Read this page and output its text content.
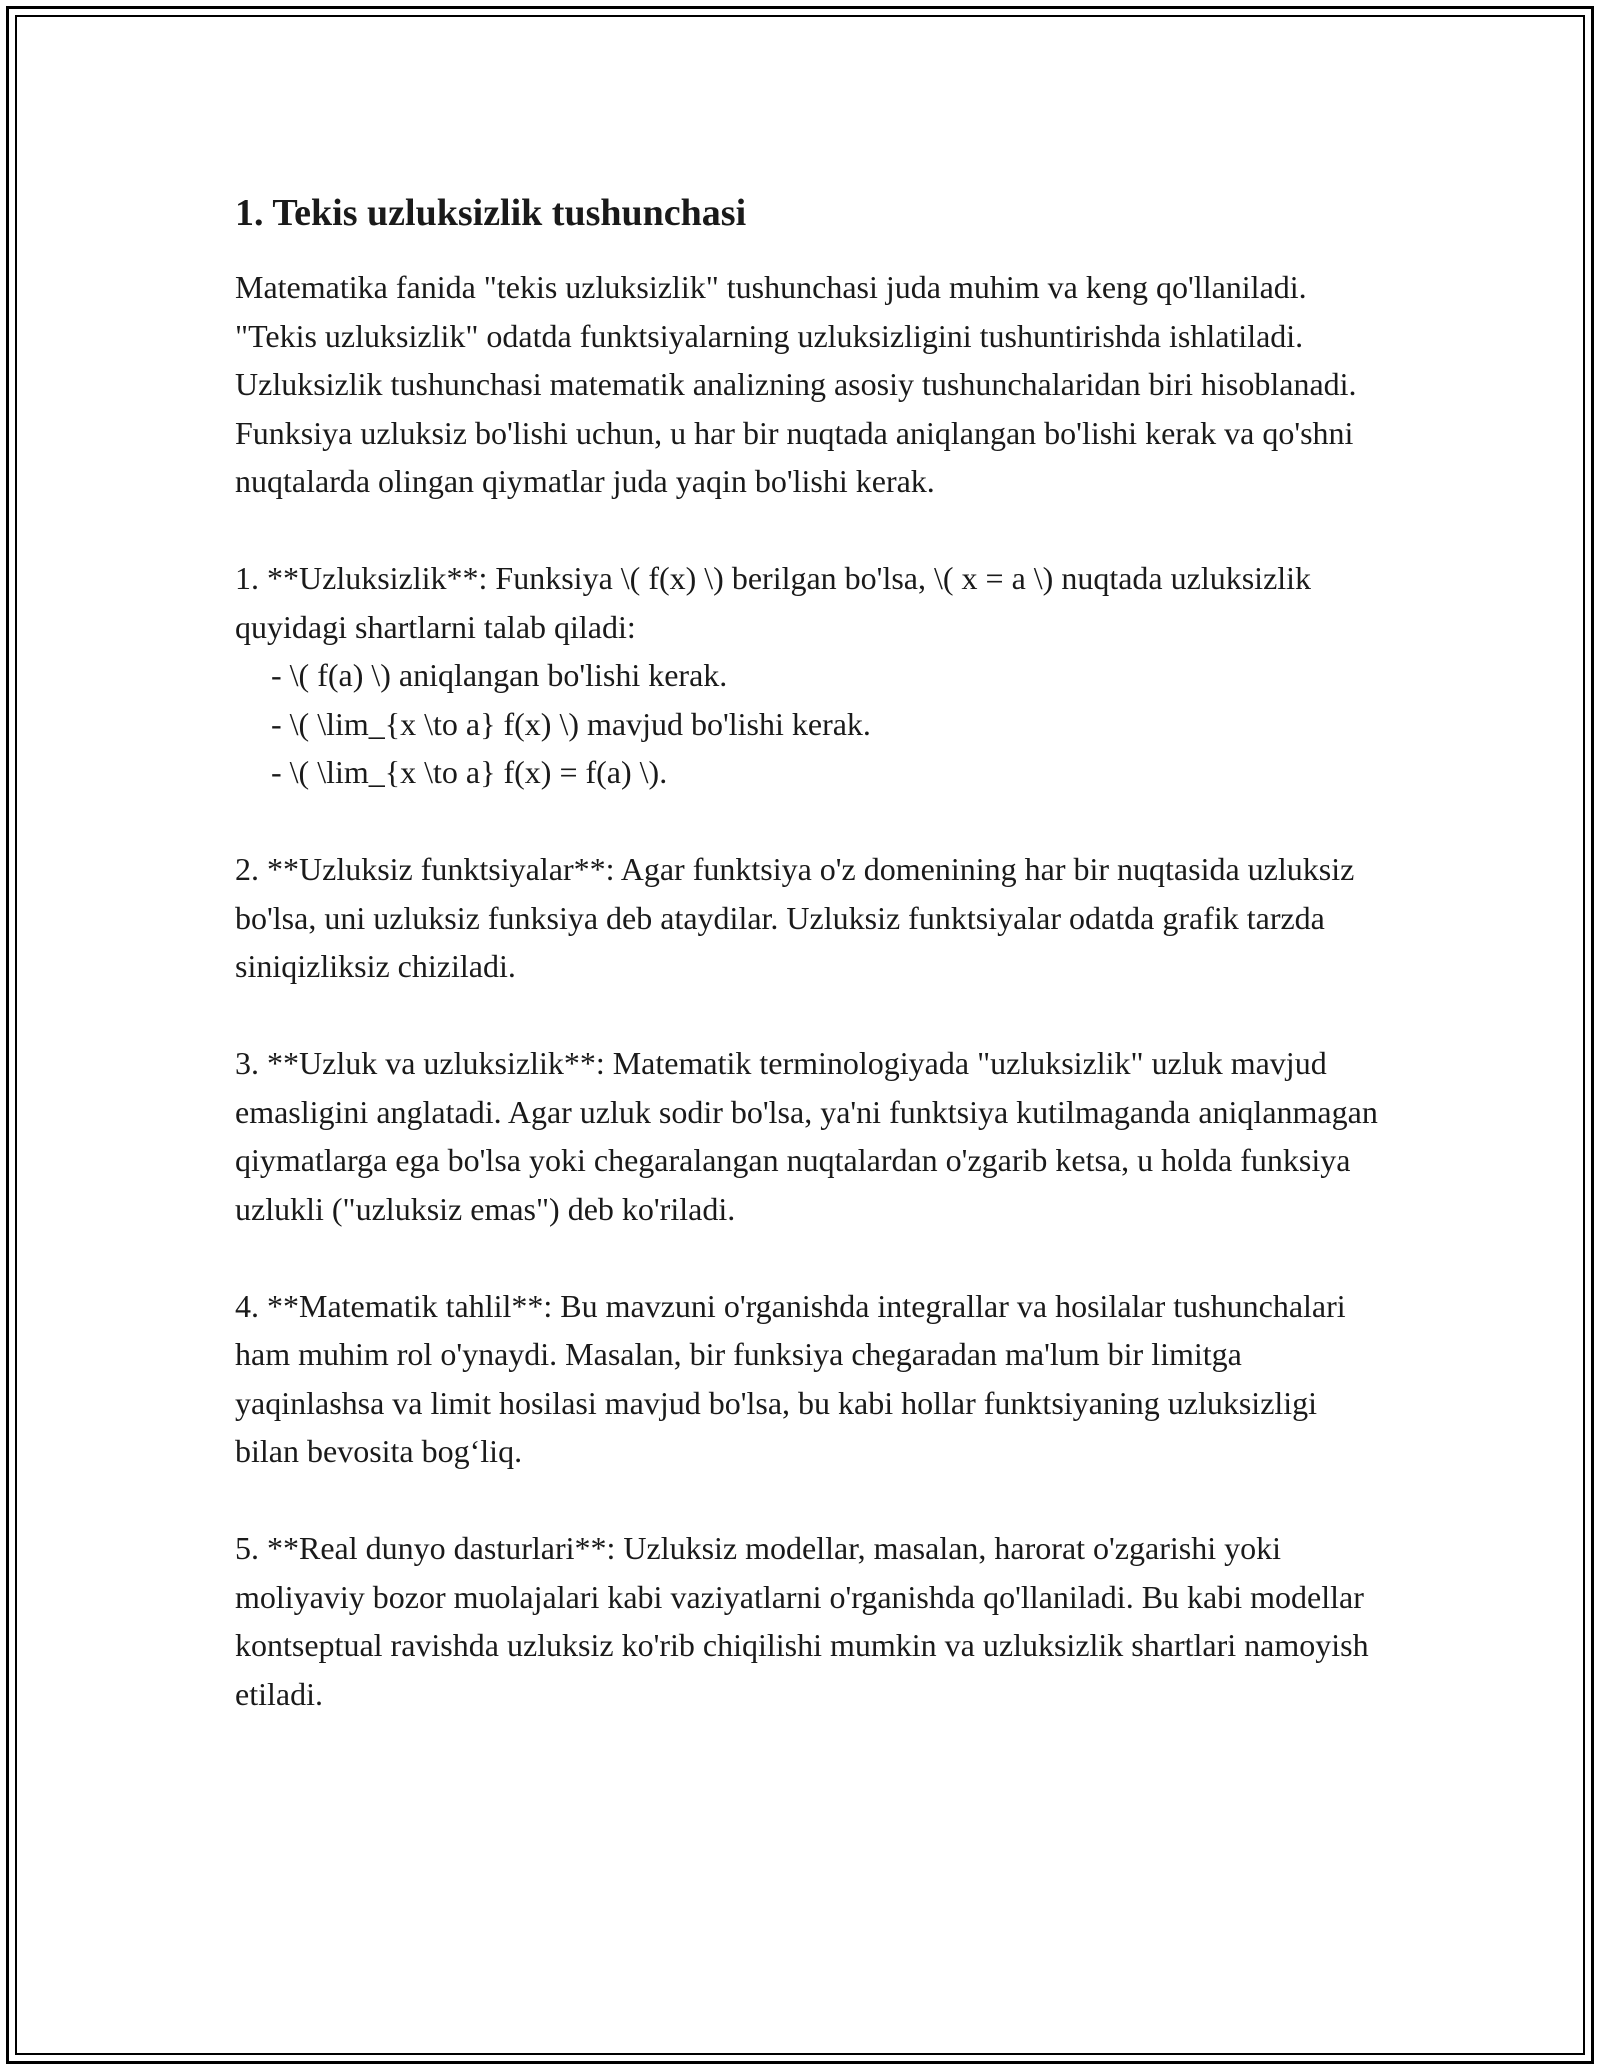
1. Tekis uzluksizlik tushunchasi

Matematika fanida "tekis uzluksizlik" tushunchasi juda muhim va keng qo'llaniladi. "Tekis uzluksizlik" odatda funktsiyalarning uzluksizligini tushuntirishda ishlatiladi. Uzluksizlik tushunchasi matematik analizning asosiy tushunchalaridan biri hisoblanadi. Funksiya uzluksiz bo'lishi uchun, u har bir nuqtada aniqlangan bo'lishi kerak va qo'shni nuqtalarda olingan qiymatlar juda yaqin bo'lishi kerak.

1. **Uzluksizlik**: Funksiya \( f(x) \) berilgan bo'lsa, \( x = a \) nuqtada uzluksizlik quyidagi shartlarni talab qiladi:

- \( f(a) \) aniqlangan bo'lishi kerak.
- \( \lim_{x \to a} f(x) \) mavjud bo'lishi kerak.
- \( \lim_{x \to a} f(x) = f(a) \).

2. **Uzluksiz funktsiyalar**: Agar funktsiya o'z domenining har bir nuqtasida uzluksiz bo'lsa, uni uzluksiz funksiya deb ataydilar. Uzluksiz funktsiyalar odatda grafik tarzda siniqizliksiz chiziladi.

3. **Uzluk va uzluksizlik**: Matematik terminologiyada "uzluksizlik" uzluk mavjud emasligini anglatadi. Agar uzluk sodir bo'lsa, ya'ni funktsiya kutilmaganda aniqlanmagan qiymatlarga ega bo'lsa yoki chegaralangan nuqtalardan o'zgarib ketsa, u holda funksiya uzlukli ("uzluksiz emas") deb ko'riladi.

4. **Matematik tahlil**: Bu mavzuni o'rganishda integrallar va hosilalar tushunchalari ham muhim rol o'ynaydi. Masalan, bir funksiya chegaradan ma'lum bir limitga yaqinlashsa va limit hosilasi mavjud bo'lsa, bu kabi hollar funktsiyaning uzluksizligi bilan bevosita bog‘liq.

5. **Real dunyo dasturlari**: Uzluksiz modellar, masalan, harorat o'zgarishi yoki moliyaviy bozor muolajalari kabi vaziyatlarni o'rganishda qo'llaniladi. Bu kabi modellar kontseptual ravishda uzluksiz ko'rib chiqilishi mumkin va uzluksizlik shartlari namoyish etiladi.
